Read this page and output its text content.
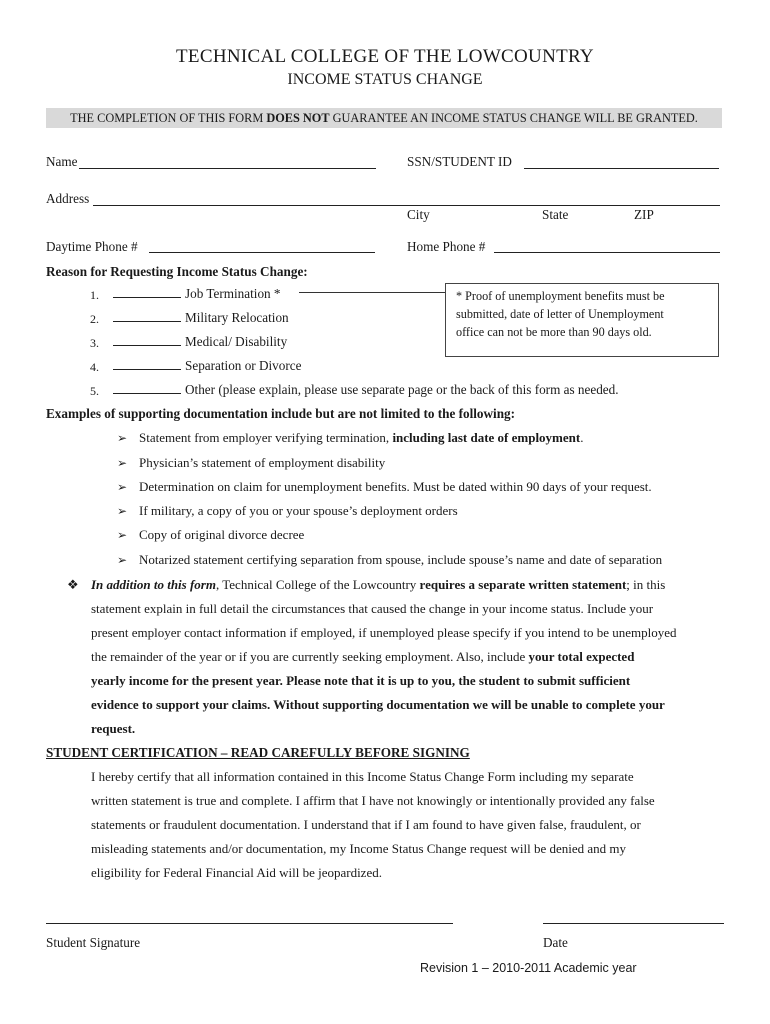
TECHNICAL COLLEGE OF THE LOWCOUNTRY
INCOME STATUS CHANGE
THE COMPLETION OF THIS FORM DOES NOT GUARANTEE AN INCOME STATUS CHANGE WILL BE GRANTED.
Name	SSN/STUDENT ID
Address
City	State	ZIP
Daytime Phone #	Home Phone #
Reason for Requesting Income Status Change:
1.	Job Termination *
2.	Military Relocation
3.	Medical/ Disability
4.	Separation or Divorce
5.	Other (please explain, please use separate page or the back of this form as needed.
* Proof of unemployment benefits must be
submitted, date of letter of Unemployment
office can not be more than 90 days old.
Examples of supporting documentation include but are not limited to the following:
➢ Statement from employer verifying termination, including last date of employment.
➢ Physician’s statement of employment disability
➢ Determination on claim for unemployment benefits. Must be dated within 90 days of your request.
➢ If military, a copy of you or your spouse’s deployment orders
➢ Copy of original divorce decree
➢ Notarized statement certifying separation from spouse, include spouse’s name and date of separation
❖ In addition to this form, Technical College of the Lowcountry requires a separate written statement; in this
statement explain in full detail the circumstances that caused the change in your income status. Include your
present employer contact information if employed, if unemployed please specify if you intend to be unemployed
the remainder of the year or if you are currently seeking employment. Also, include your total expected
yearly income for the present year. Please note that it is up to you, the student to submit sufficient
evidence to support your claims. Without supporting documentation we will be unable to complete your
request.
STUDENT CERTIFICATION – READ CAREFULLY BEFORE SIGNING
I hereby certify that all information contained in this Income Status Change Form including my separate
written statement is true and complete. I affirm that I have not knowingly or intentionally provided any false
statements or fraudulent documentation. I understand that if I am found to have given false, fraudulent, or
misleading statements and/or documentation, my Income Status Change request will be denied and my
eligibility for Federal Financial Aid will be jeopardized.
Student Signature	Date
Revision 1 – 2010-2011 Academic year
